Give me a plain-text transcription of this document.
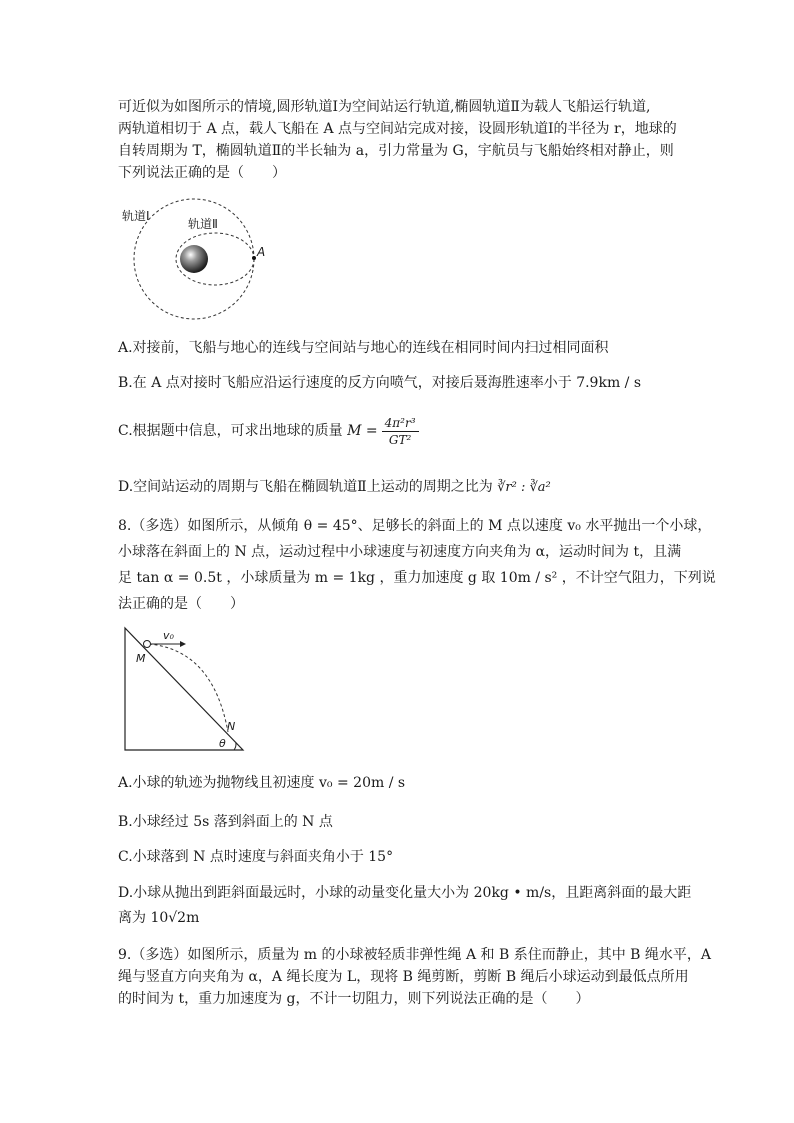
可近似为如图所示的情境,圆形轨道Ⅰ为空间站运行轨道,椭圆轨道Ⅱ为载人飞船运行轨道,
两轨道相切于 A 点，载人飞船在 A 点与空间站完成对接，设圆形轨道Ⅰ的半径为 r，地球的
自转周期为 T，椭圆轨道Ⅱ的半长轴为 a，引力常量为 G，宇航员与飞船始终相对静止，则
下列说法正确的是（　　）
轨道Ⅰ
轨道Ⅱ
A
A.对接前，飞船与地心的连线与空间站与地心的连线在相同时间内扫过相同面积
B.在 A 点对接时飞船应沿运行速度的反方向喷气，对接后聂海胜速率小于 7.9km / s
C.根据题中信息，可求出地球的质量 $M = \frac{\text{4π²r³}}{\text{GT²}}$
D.空间站运动的周期与飞船在椭圆轨道Ⅱ上运动的周期之比为 ∛r² : ∛a²
8.（多选）如图所示，从倾角 θ = 45°、足够长的斜面上的 M 点以速度 v₀ 水平抛出一个小球，
小球落在斜面上的 N 点，运动过程中小球速度与初速度方向夹角为 α，运动时间为 t，且满
足 tan α = 0.5t ，小球质量为 m = 1kg ，重力加速度 g 取 10m / s² ，不计空气阻力，下列说
法正确的是（　　）
v₀
M
N
θ
A.小球的轨迹为抛物线且初速度 v₀ = 20m / s
B.小球经过 5s 落到斜面上的 N 点
C.小球落到 N 点时速度与斜面夹角小于 15°
D.小球从抛出到距斜面最远时，小球的动量变化量大小为 20kg • m/s，且距离斜面的最大距
离为 10√2m
9.（多选）如图所示，质量为 m 的小球被轻质非弹性绳 A 和 B 系住而静止，其中 B 绳水平，A
绳与竖直方向夹角为 α，A 绳长度为 L，现将 B 绳剪断，剪断 B 绳后小球运动到最低点所用
的时间为 t，重力加速度为 g，不计一切阻力，则下列说法正确的是（　　）
